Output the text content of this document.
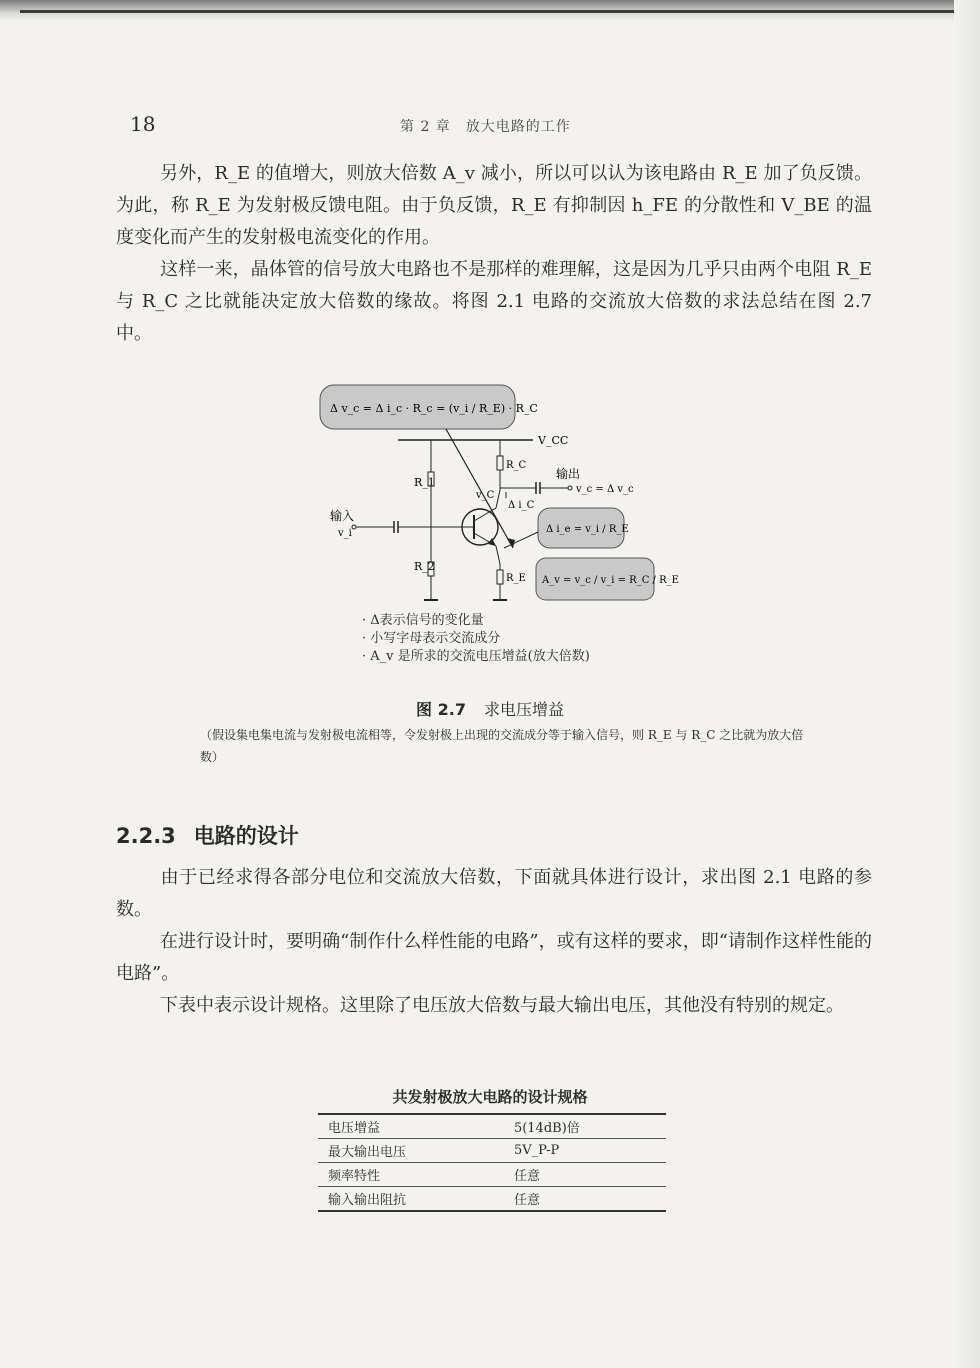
18	第 2 章　放大电路的工作

另外，R_E 的值增大，则放大倍数 A_v 减小，所以可以认为该电路由 R_E 加了负反馈。为此，称 R_E 为发射极反馈电阻。由于负反馈，R_E 有抑制因 h_FE 的分散性和 V_BE 的温度变化而产生的发射极电流变化的作用。

这样一来，晶体管的信号放大电路也不是那样的难理解，这是因为几乎只由两个电阻 R_E 与 R_C 之比就能决定放大倍数的缘故。将图 2.1 电路的交流放大倍数的求法总结在图 2.7 中。

Δ v_c = Δ i_c · R_c = (v_i / R_E) · R_C
V_CC
R_1
R_2
输入
v_i
R_C
v_C
Δ i_C
输出
v_c = Δ v_c
R_E
Δ i_e = v_i / R_E
A_v = v_c / v_i = R_C / R_E
· Δ表示信号的变化量
· 小写字母表示交流成分
· A_v 是所求的交流电压增益(放大倍数)
图 2.7 求电压增益
（假设集电集电流与发射极电流相等，令发射极上出现的交流成分等于输入信号，则 R_E 与 R_C 之比就为放大倍数）
2.2.3 电路的设计

由于已经求得各部分电位和交流放大倍数，下面就具体进行设计，求出图 2.1 电路的参数。

在进行设计时，要明确“制作什么样性能的电路”，或有这样的要求，即“请制作这样性能的电路”。

下表中表示设计规格。这里除了电压放大倍数与最大输出电压，其他没有特别的规定。

共发射极放大电路的设计规格
电压增益	5(14dB)倍
最大输出电压	5V_P-P
频率特性	任意
输入输出阻抗	任意
